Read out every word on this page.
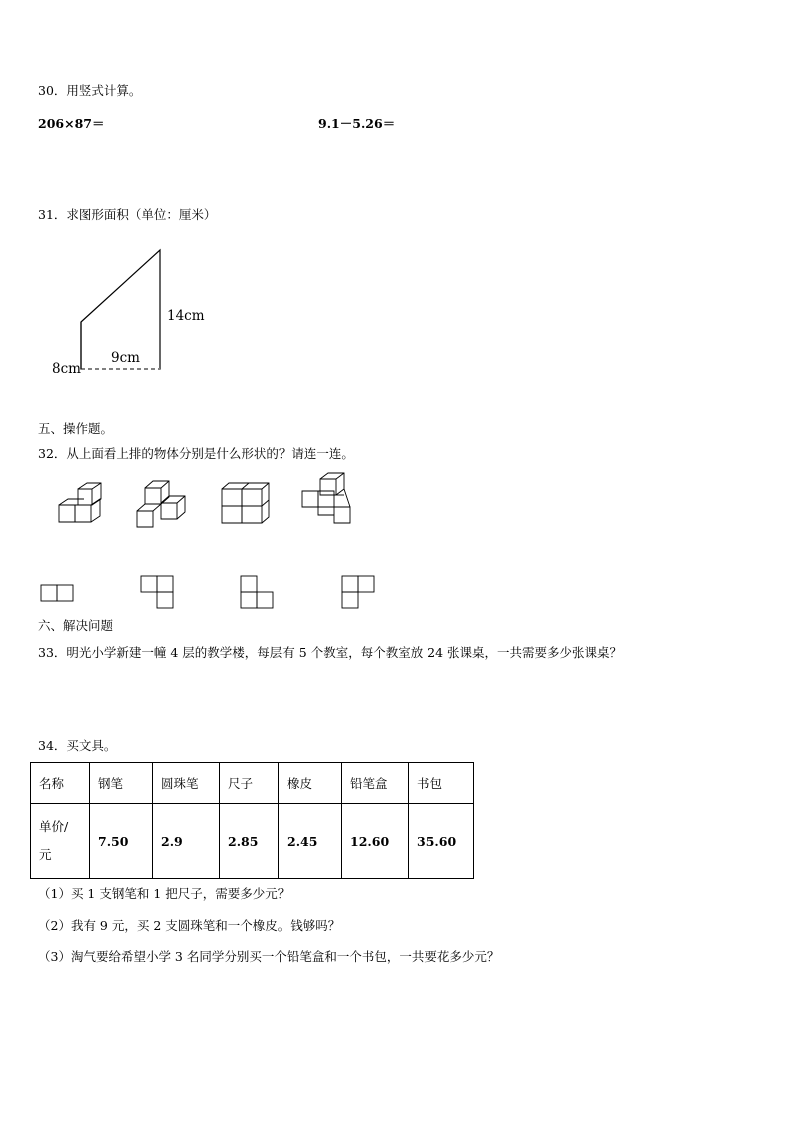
30．用竖式计算。
206×87＝	9.1－5.26＝
31．求图形面积（单位：厘米）
14cm
9cm
8cm
五、操作题。
32．从上面看上排的物体分别是什么形状的？请连一连。
六、解决问题
33．明光小学新建一幢 4 层的教学楼，每层有 5 个教室，每个教室放 24 张课桌，一共需要多少张课桌？
34．买文具。
名称	钢笔	圆珠笔	尺子	橡皮	铅笔盒	书包

单价/
元	7.50	2.9	2.85	2.45	12.60	35.60
（1）买 1 支钢笔和 1 把尺子，需要多少元？
（2）我有 9 元，买 2 支圆珠笔和一个橡皮。钱够吗？
（3）淘气要给希望小学 3 名同学分别买一个铅笔盒和一个书包，一共要花多少元？
